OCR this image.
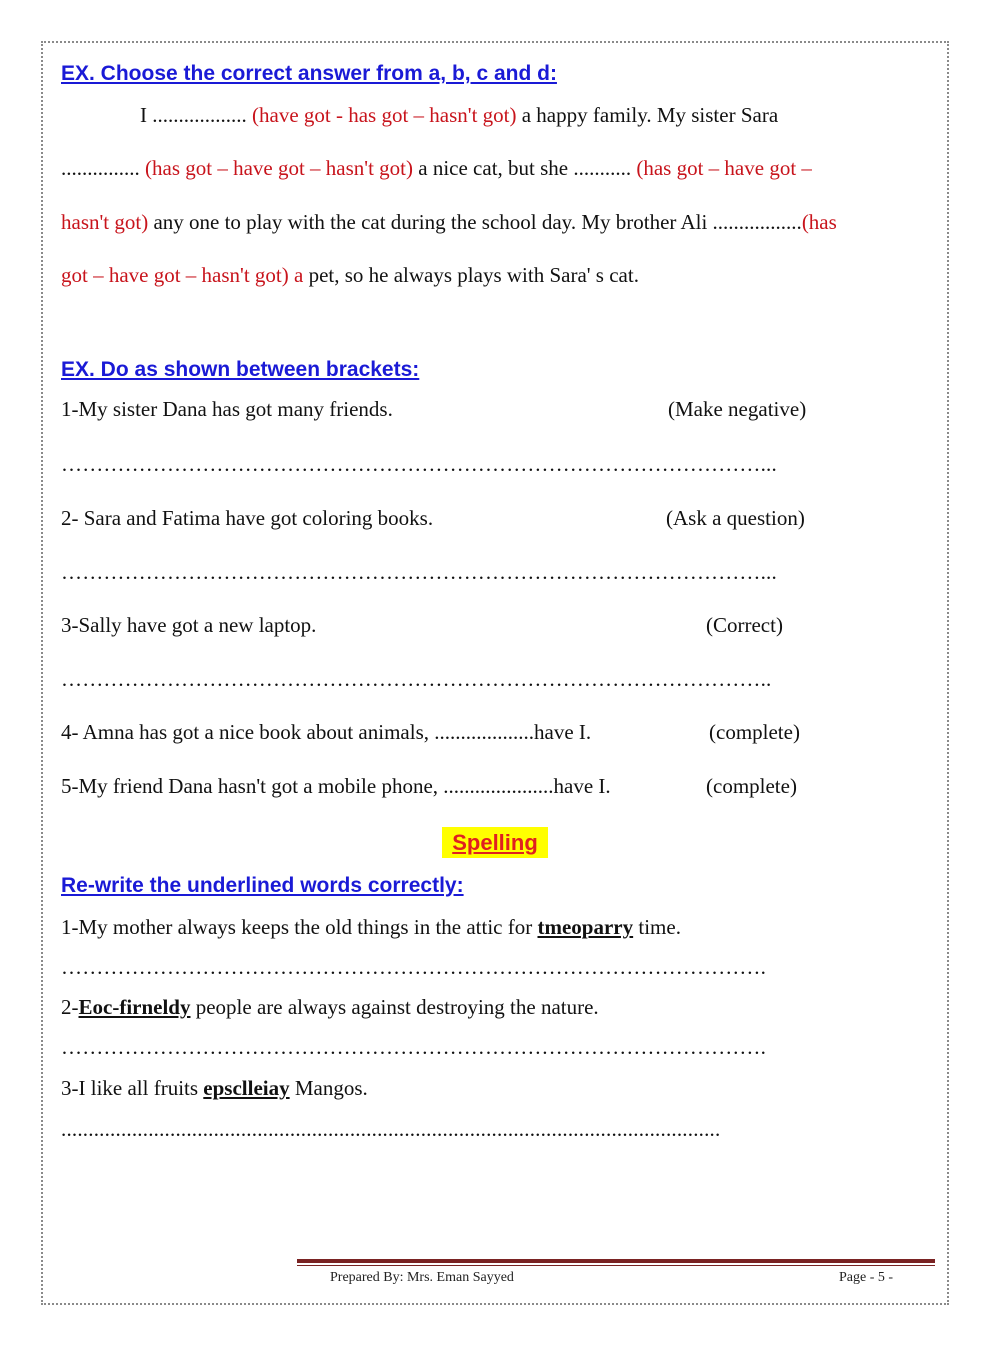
EX. Choose the correct answer from a, b, c and d:
I .................. (have got - has got – hasn't got) a happy family. My sister Sara
............... (has got – have got – hasn't got) a nice cat, but she ........... (has got – have got –
hasn't got) any one to play with the cat during the school day. My brother Ali .................(has
got – have got – hasn't got) a pet, so he always plays with Sara' s cat.
EX. Do as shown between brackets:
1-My sister Dana has got many friends.	(Make negative)
………………………………………………………………………………………...
2- Sara and Fatima have got coloring books.	(Ask a question)
………………………………………………………………………………………...
3-Sally have got a new laptop.	(Correct)
………………………………………………………………………………………..
4- Amna has got a nice book about animals, ...................have I.	(complete)
5-My friend Dana hasn't got a mobile phone, .....................have I.	(complete)
Spelling
Re-write the underlined words correctly:
1-My mother always keeps the old things in the attic for tmeoparry time.
……………………………………………………………………………………….
2-Eoc-firneldy people are always against destroying the nature.
……………………………………………………………………………………….
3-I like all fruits epsclleiay Mangos.
.........................................................................................................................
Prepared By: Mrs. Eman Sayyed	Page - 5 -
